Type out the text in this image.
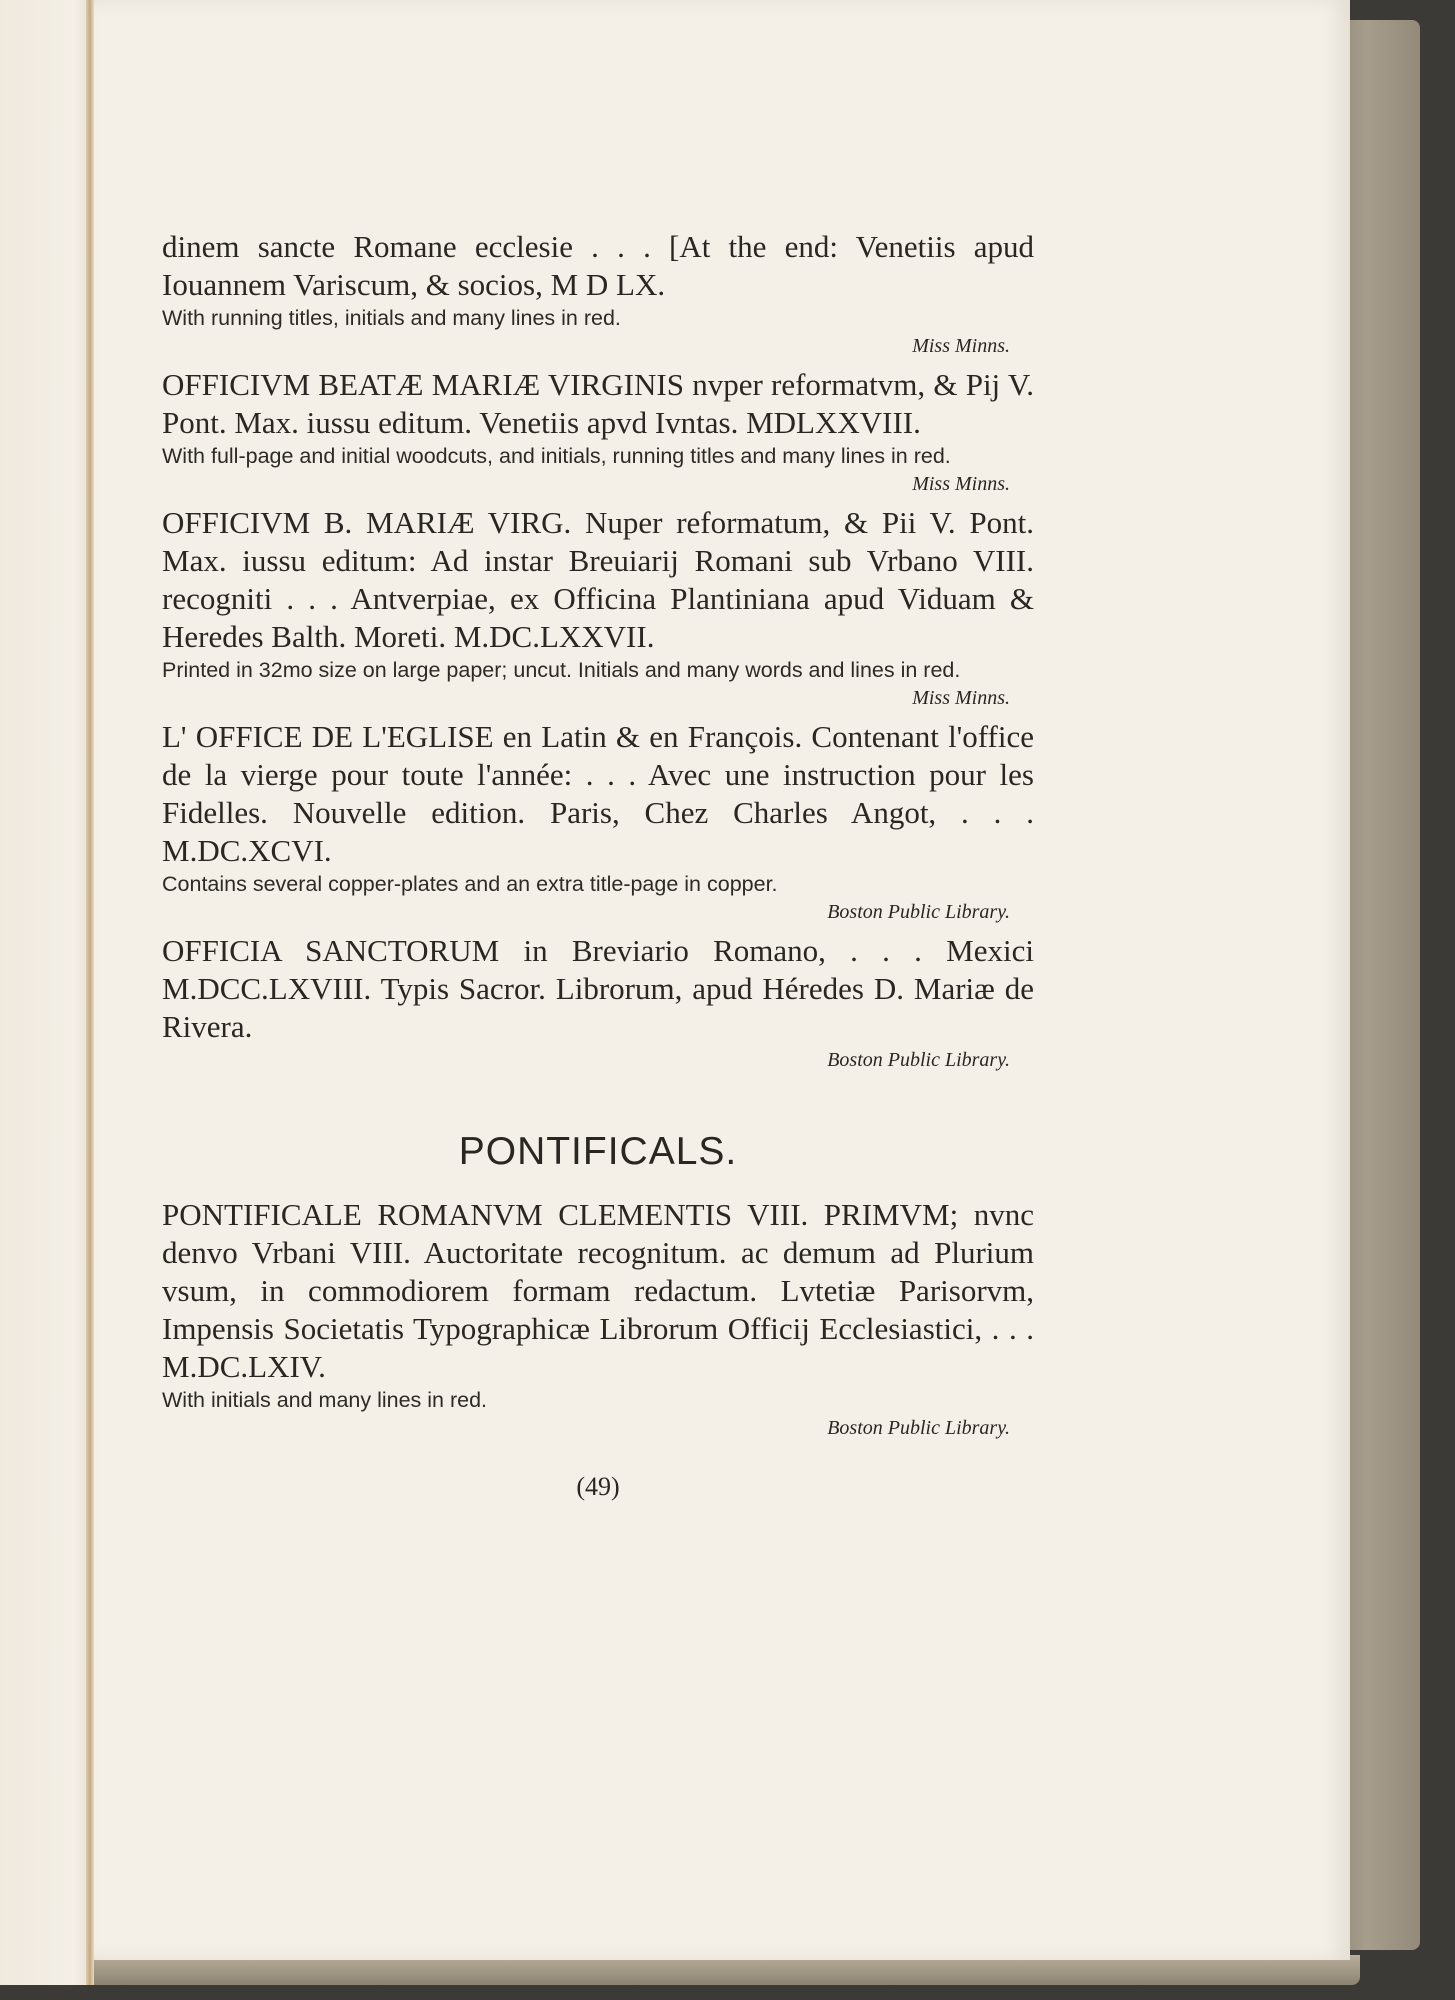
dinem sancte Romane ecclesie . . . [At the end: Venetiis apud Iouannem Variscum, & socios, M D LX.

With running titles, initials and many lines in red.

Miss Minns.

OFFICIVM BEATÆ MARIÆ VIRGINIS nvper reformatvm, & Pij V. Pont. Max. iussu editum. Venetiis apvd Ivntas. MDLXXVIII.

With full-page and initial woodcuts, and initials, running titles and many lines in red.

Miss Minns.

OFFICIVM B. MARIÆ VIRG. Nuper reformatum, & Pii V. Pont. Max. iussu editum: Ad instar Breuiarij Romani sub Vrbano VIII. recogniti . . . Antverpiae, ex Officina Plantiniana apud Viduam & Heredes Balth. Moreti. M.DC.LXXVII.

Printed in 32mo size on large paper; uncut. Initials and many words and lines in red.

Miss Minns.

L' OFFICE DE L'EGLISE en Latin & en François. Contenant l'office de la vierge pour toute l'année: . . . Avec une instruction pour les Fidelles. Nouvelle edition. Paris, Chez Charles Angot, . . . M.DC.XCVI.

Contains several copper-plates and an extra title-page in copper.

Boston Public Library.

OFFICIA SANCTORUM in Breviario Romano, . . . Mexici M.DCC.LXVIII. Typis Sacror. Librorum, apud Héredes D. Mariæ de Rivera.

Boston Public Library.

PONTIFICALS.

PONTIFICALE ROMANVM CLEMENTIS VIII. PRIMVM; nvnc denvo Vrbani VIII. Auctoritate recognitum. ac demum ad Plurium vsum, in commodiorem formam redactum. Lvtetiæ Parisorvm, Impensis Societatis Typographicæ Librorum Officij Ecclesiastici, . . . M.DC.LXIV.

With initials and many lines in red.

Boston Public Library.

(49)
